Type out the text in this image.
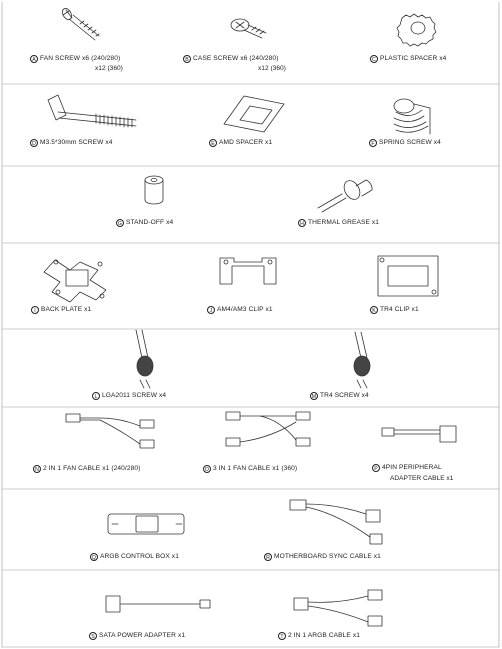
A FAN SCREW x6 (240/280)
x12 (360)
B CASE SCREW x6 (240/280)
x12 (360)
C PLASTIC SPACER x4
D M3.5*30mm SCREW x4	E AMD SPACER x1	F SPRING SCREW x4
G STAND-OFF x4	H THERMAL GREASE x1
I BACK PLATE x1	J AM4/AM3 CLIP x1	K TR4 CLIP x1
L LGA2011 SCREW x4	M TR4 SCREW x4
N 2 IN 1 FAN CABLE x1 (240/280)	O 3 IN 1 FAN CABLE x1 (360)	P 4PIN PERIPHERAL
ADAPTER CABLE x1
Q ARGB CONTROL BOX x1	R MOTHERBOARD SYNC CABLE x1
S SATA POWER ADAPTER x1	T 2 IN 1 ARGB CABLE x1
